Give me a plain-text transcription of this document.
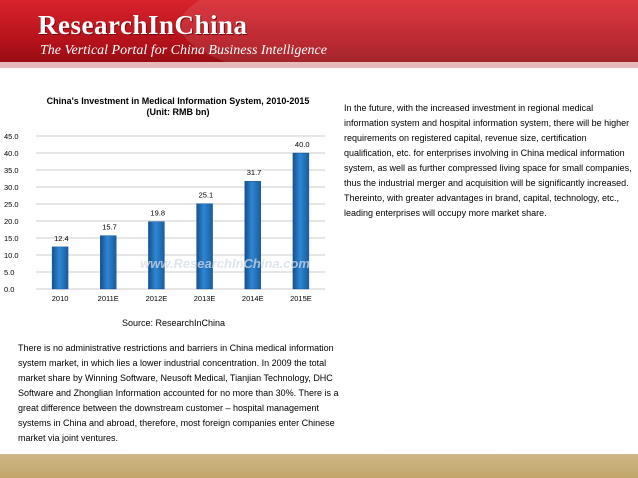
ResearchInChina
The Vertical Portal for China Business Intelligence
China's Investment in Medical Information System, 2010-2015
(Unit: RMB bn)
0.0
5.0
10.0
15.0
20.0
25.0
30.0
35.0
40.0
45.0
12.4
15.7
19.8
25.1
31.7
40.0
2010	2011E	2012E	2013E	2014E	2015E
www.ResearchInChina.com
Source: ResearchInChina
There is no administrative restrictions and barriers in China medical information system market, in which lies a lower industrial concentration. In 2009 the total market share by Winning Software, Neusoft Medical, Tianjian Technology, DHC Software and Zhonglian Information accounted for no more than 30%. There is a great difference between the downstream customer – hospital management systems in China and abroad, therefore, most foreign companies enter Chinese market via joint ventures.
In the future, with the increased investment in regional medical information system and hospital information system, there will be higher requirements on registered capital, revenue size, certification qualification, etc. for enterprises involving in China medical information system, as well as further compressed living space for small companies, thus the industrial merger and acquisition will be significantly increased. Thereinto, with greater advantages in brand, capital, technology, etc., leading enterprises will occupy more market share.
